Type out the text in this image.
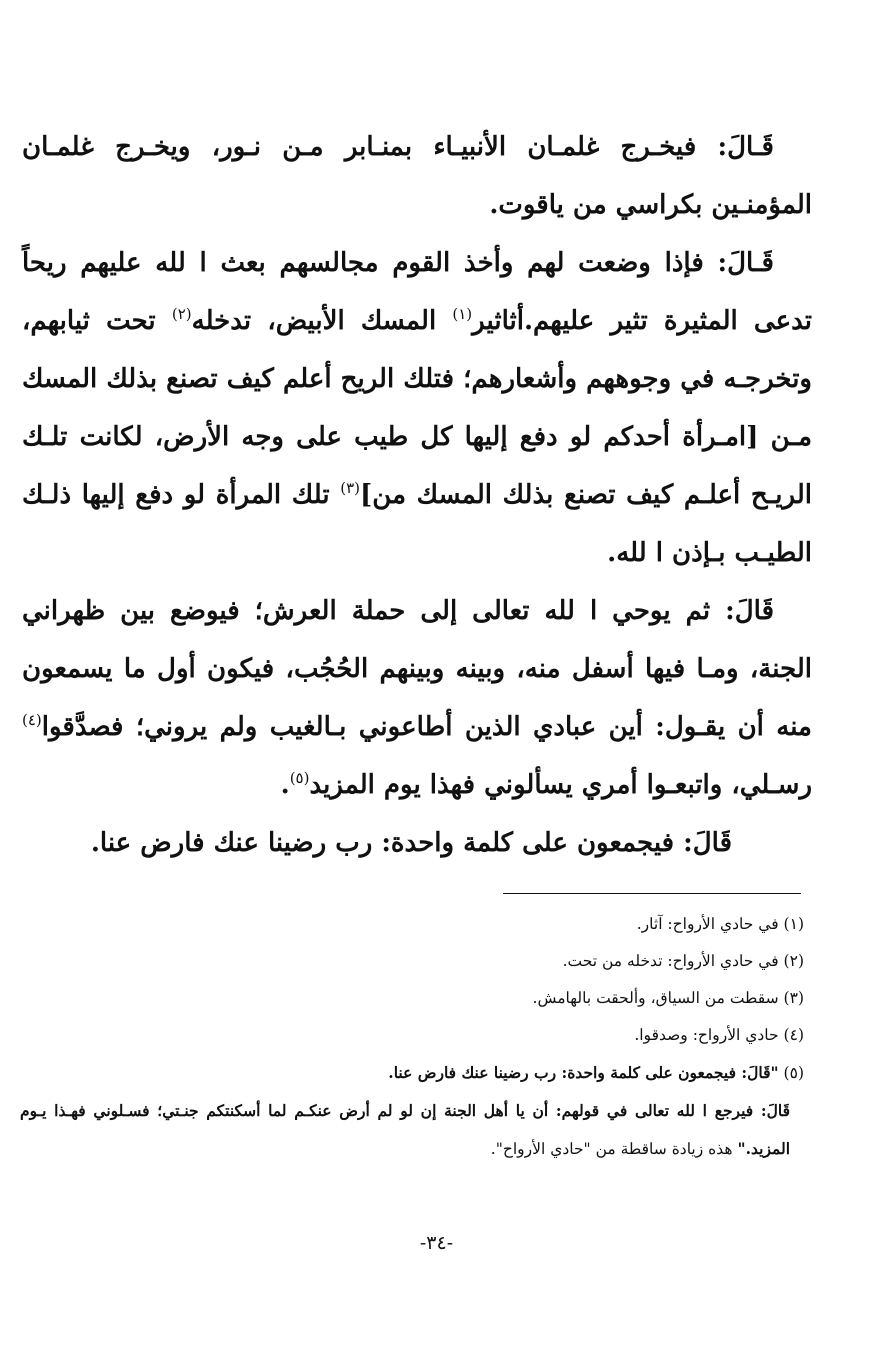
قَـالَ: فيخـرج غلمـان الأنبيـاء بمنـابر مـن نـور، ويخـرج غلمـان المؤمنـين بكراسي من ياقوت.

قَـالَ: فإذا وضعت لهم وأخذ القوم مجالسهم بعث ا لله عليهم ريحاً تدعى المثيرة تثير عليهم.أثاثير$^{(١)}$ المسك الأبيض، تدخله$^{(٢)}$ تحت ثيابهم، وتخرجـه في وجوههم وأشعارهم؛ فتلك الريح أعلم كيف تصنع بذلك المسك مـن [امـرأة أحدكم لو دفع إليها كل طيب على وجه الأرض، لكانت تلـك الريـح أعلـم كيف تصنع بذلك المسك من]$^{(٣)}$ تلك المرأة لو دفع إليها ذلـك الطيـب بـإذن ا لله.

قَالَ: ثم يوحي ا لله تعالى إلى حملة العرش؛ فيوضع بين ظهراني الجنة، ومـا فيها أسفل منه، وبينه وبينهم الحُجُب، فيكون أول ما يسمعون منه أن يقـول: أين عبادي الذين أطاعوني بـالغيب ولم يروني؛ فصدَّقوا$^{(٤)}$ رسـلي، واتبعـوا أمري يسألوني فهذا يوم المزيد$^{(٥)}$.

قَالَ: فيجمعون على كلمة واحدة: رب رضينا عنك فارض عنا.

(١) في حادي الأرواح: آثار.

(٢) في حادي الأرواح: تدخله من تحت.

(٣) سقطت من السياق، وألحقت بالهامش.

(٤) حادي الأرواح: وصدقوا.

(٥) "قَالَ: فيجمعون على كلمة واحدة: رب رضينا عنك فارض عنا.

قَالَ: فيرجع ا لله تعالى في قولهم: أن يا أهل الجنة إن لو لم أرض عنكـم لما أسكنتكم جنـتي؛ فسـلوني فهـذا يـوم المزيد." هذه زيادة ساقطة من "حادي الأرواح".

-٣٤-
